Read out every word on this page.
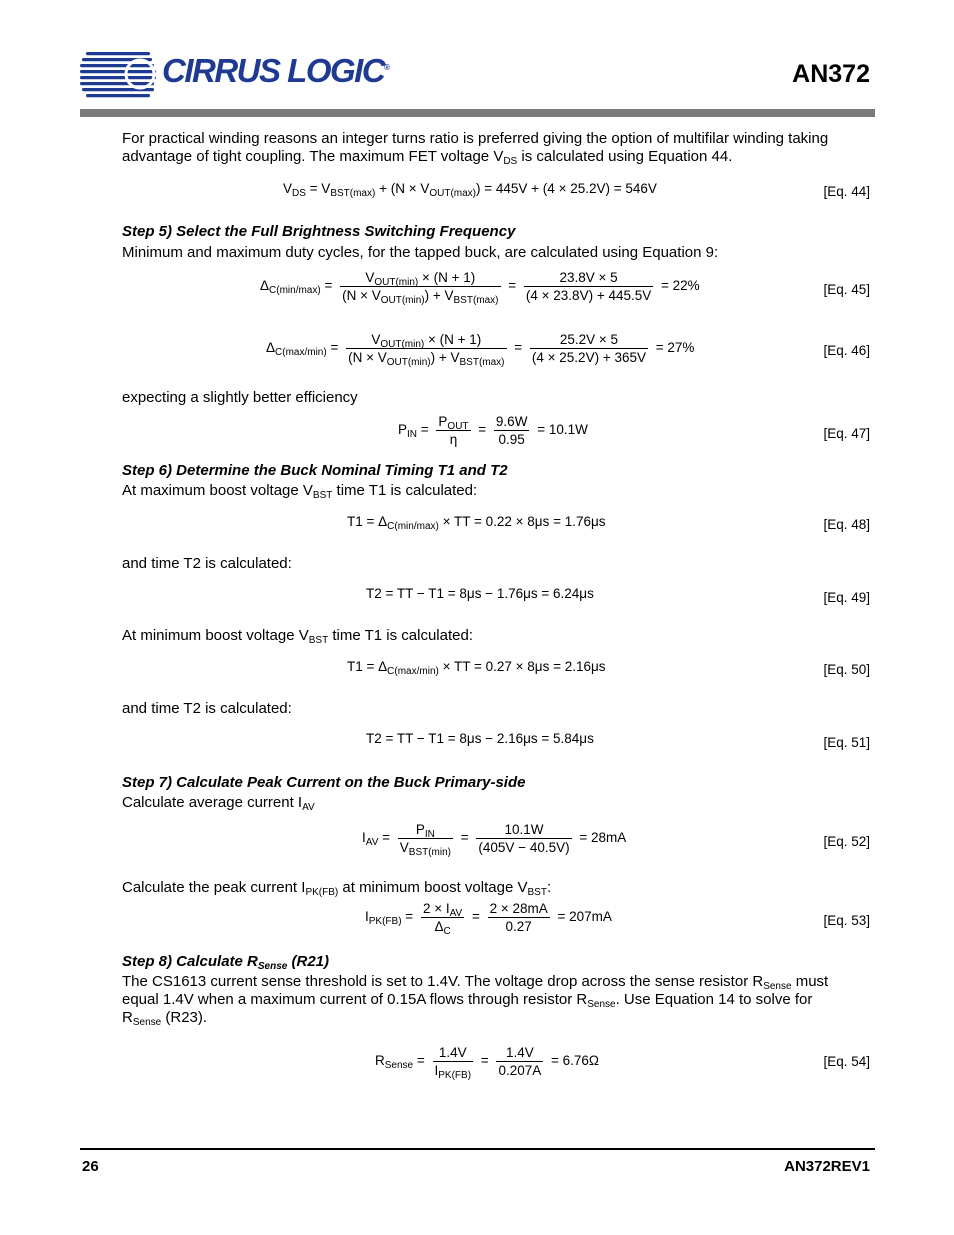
CIRRUS LOGIC®	AN372
For practical winding reasons an integer turns ratio is preferred giving the option of multifilar winding taking
advantage of tight coupling. The maximum FET voltage $V_{DS}$ is calculated using Equation 44.
$V_{DS} = V_{BST(max)} + (N \times V_{OUT(max)}) = 445V + (4 \times 25.2V) = 546V$	[Eq. 44]
Step 5) Select the Full Brightness Switching Frequency
Minimum and maximum duty cycles, for the tapped buck, are calculated using Equation 9:
$\Delta_{C(min/max)} = \frac{V_{OUT(min)} \times (N + 1)}{(N \times V_{OUT(min)}) + V_{BST(max)}} = \frac{23.8V \times 5}{(4 \times 23.8V) + 445.5V} = 22\%$	[Eq. 45]
$\Delta_{C(max/min)} = \frac{V_{OUT(min)} \times (N + 1)}{(N \times V_{OUT(min)}) + V_{BST(max)}} = \frac{25.2V \times 5}{(4 \times 25.2V) + 365V} = 27\%$	[Eq. 46]
expecting a slightly better efficiency
$P_{IN} = \frac{P_{OUT}}{\eta} = \frac{9.6W}{0.95} = 10.1W$	[Eq. 47]
Step 6) Determine the Buck Nominal Timing T1 and T2
At maximum boost voltage $V_{BST}$ time T1 is calculated:
$T1 = \Delta_{C(min/max)}$ × TT = 0.22 × 8μs = 1.76μs	[Eq. 48]
and time T2 is calculated:
T2 = TT − T1 = 8μs − 1.76μs = 6.24μs	[Eq. 49]
At minimum boost voltage $V_{BST}$ time T1 is calculated:
$T1 = \Delta_{C(max/min)}$ × TT = 0.27 × 8μs = 2.16μs	[Eq. 50]
and time T2 is calculated:
T2 = TT − T1 = 8μs − 2.16μs = 5.84μs	[Eq. 51]
Step 7) Calculate Peak Current on the Buck Primary-side
Calculate average current $I_{AV}$
$I_{AV} = \frac{P_{IN}}{V_{BST(min)}} = \frac{10.1W}{(405V - 40.5V)} = 28mA$	[Eq. 52]
Calculate the peak current $I_{PK(FB)}$ at minimum boost voltage $V_{BST}$:
$I_{PK(FB)} = \frac{2 \times I_{AV}}{\Delta_C} = \frac{2 \times 28mA}{0.27} = 207mA$	[Eq. 53]
Step 8) Calculate $R_{Sense}$ (R21)
The CS1613 current sense threshold is set to 1.4V. The voltage drop across the sense resistor $R_{Sense}$ must
equal 1.4V when a maximum current of 0.15A flows through resistor $R_{Sense}$. Use Equation 14 to solve for
$R_{Sense}$ (R23).
$R_{Sense} = \frac{1.4V}{I_{PK(FB)}} = \frac{1.4V}{0.207A} = 6.76\Omega$	[Eq. 54]
26	AN372REV1
